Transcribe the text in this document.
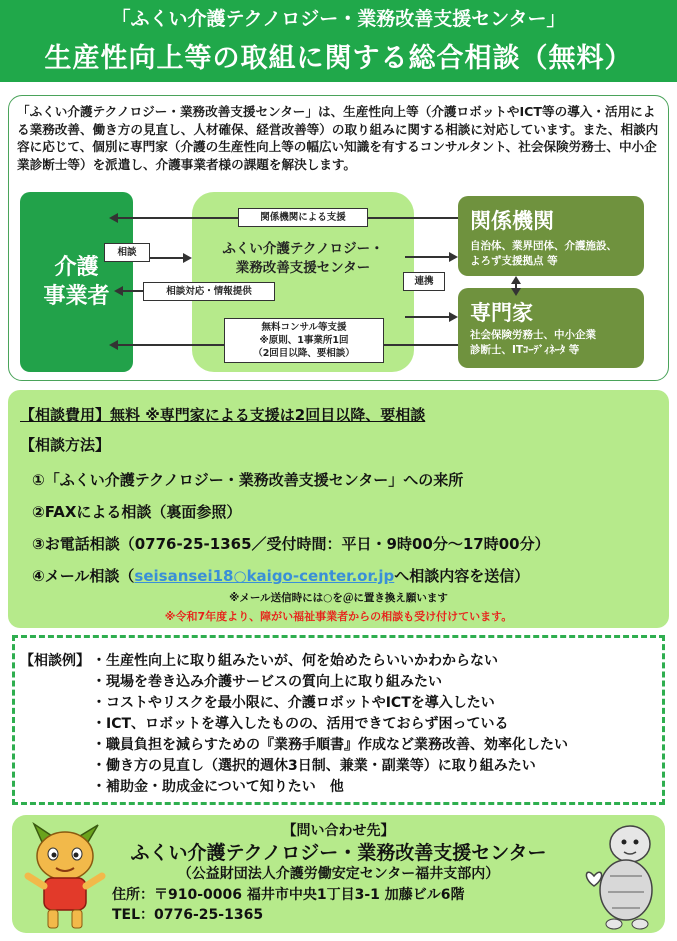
「ふくい介護テクノロジー・業務改善支援センター」
生産性向上等の取組に関する総合相談（無料）
「ふくい介護テクノロジー・業務改善支援センター」は、生産性向上等（介護ロボットやICT等の導入・活用による業務改善、働き方の見直し、人材確保、経営改善等）の取り組みに関する相談に対応しています。また、相談内容に応じて、個別に専門家（介護の生産性向上等の幅広い知識を有するコンサルタント、社会保険労務士、中小企業診断士等）を派遣し、介護事業者様の課題を解決します。
介護
事業者
ふくい介護テクノロジー・
業務改善支援センター
関係機関
自治体、業界団体、介護施設、
よろず支援拠点 等
専門家
社会保険労務士、中小企業
診断士、ITｺｰﾃﾞｨﾈｰﾀ 等
関係機関による支援
相談
相談対応・情報提供
連携
無料コンサル等支援
※原則、1事業所1回
（2回目以降、要相談）
【相談費用】無料 ※専門家による支援は2回目以降、要相談
【相談方法】
①「ふくい介護テクノロジー・業務改善支援センター」への来所
②FAXによる相談（裏面参照）
③お電話相談（0776-25-1365／受付時間：平日・9時00分～17時00分）
④メール相談（seisansei18○kaigo-center.or.jpへ相談内容を送信）
※メール送信時には○を＠に置き換え願います
※令和7年度より、障がい福祉事業者からの相談も受け付けています。
【相談例】 ・生産性向上に取り組みたいが、何を始めたらいいかわからない
・現場を巻き込み介護サービスの質向上に取り組みたい
・コストやリスクを最小限に、介護ロボットやICTを導入したい
・ICT、ロボットを導入したものの、活用できておらず困っている
・職員負担を減らすための『業務手順書』作成など業務改善、効率化したい
・働き方の見直し（選択的週休3日制、兼業・副業等）に取り組みたい
・補助金・助成金について知りたい　他
【問い合わせ先】
ふくい介護テクノロジー・業務改善支援センター
（公益財団法人介護労働安定センター福井支部内）
住所：〒910-0006 福井市中央1丁目3-1 加藤ビル6階
TEL：0776-25-1365
